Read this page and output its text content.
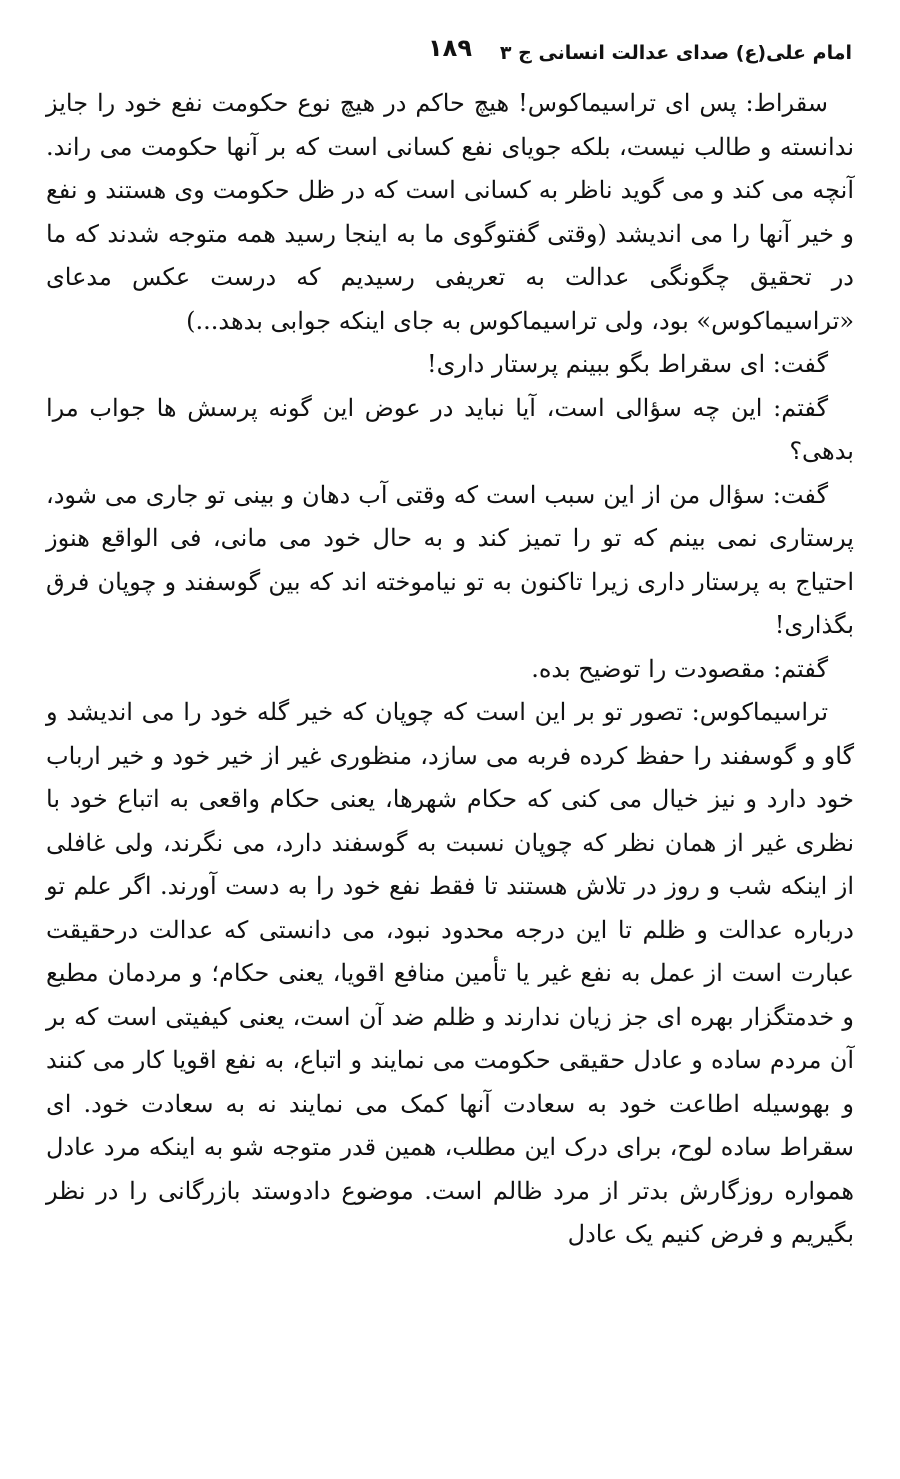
امام علی(ع) صدای عدالت انسانی ج ۳
۱۸۹

سقراط: پس ای تراسیماکوس! هیچ حاکم در هیچ نوع حکومت نفع خود را جایز ندانسته و طالب نیست، بلکه جویای نفع کسانی است که بر آنها حکومت می راند. آنچه می کند و می گوید ناظر به کسانی است که در ظل حکومت وی هستند و نفع و خیر آنها را می اندیشد (وقتی گفتوگوی ما به اینجا رسید همه متوجه شدند که ما در تحقیق چگونگی عدالت به تعریفی رسیدیم که درست عکس مدعای «تراسیماکوس» بود، ولی تراسیماکوس به جای اینکه جوابی بدهد...)

گفت: ای سقراط بگو ببینم پرستار داری!

گفتم: این چه سؤالی است، آیا نباید در عوض این گونه پرسش ها جواب مرا بدهی؟

گفت: سؤال من از این سبب است که وقتی آب دهان و بینی تو جاری می شود، پرستاری نمی بینم که تو را تمیز کند و به حال خود می مانی، فی الواقع هنوز احتیاج به پرستار داری زیرا تاکنون به تو نیاموخته اند که بین گوسفند و چوپان فرق بگذاری!

گفتم: مقصودت را توضیح بده.

تراسیماکوس: تصور تو بر این است که چوپان که خیر گله خود را می اندیشد و گاو و گوسفند را حفظ کرده فربه می سازد، منظوری غیر از خیر خود و خیر ارباب خود دارد و نیز خیال می کنی که حکام شهرها، یعنی حکام واقعی به اتباع خود با نظری غیر از همان نظر که چوپان نسبت به گوسفند دارد، می نگرند، ولی غافلی از اینکه شب و روز در تلاش هستند تا فقط نفع خود را به دست آورند. اگر علم تو درباره عدالت و ظلم تا این درجه محدود نبود، می دانستی که عدالت درحقیقت عبارت است از عمل به نفع غیر یا تأمین منافع اقویا، یعنی حکام؛ و مردمان مطیع و خدمتگزار بهره ای جز زیان ندارند و ظلم ضد آن است، یعنی کیفیتی است که بر آن مردم ساده و عادل حقیقی حکومت می نمایند و اتباع، به نفع اقویا کار می کنند و بهوسیله اطاعت خود به سعادت آنها کمک می نمایند نه به سعادت خود. ای سقراط ساده لوح، برای درک این مطلب، همین قدر متوجه شو به اینکه مرد عادل همواره روزگارش بدتر از مرد ظالم است. موضوع دادوستد بازرگانی را در نظر بگیریم و فرض کنیم یک عادل
